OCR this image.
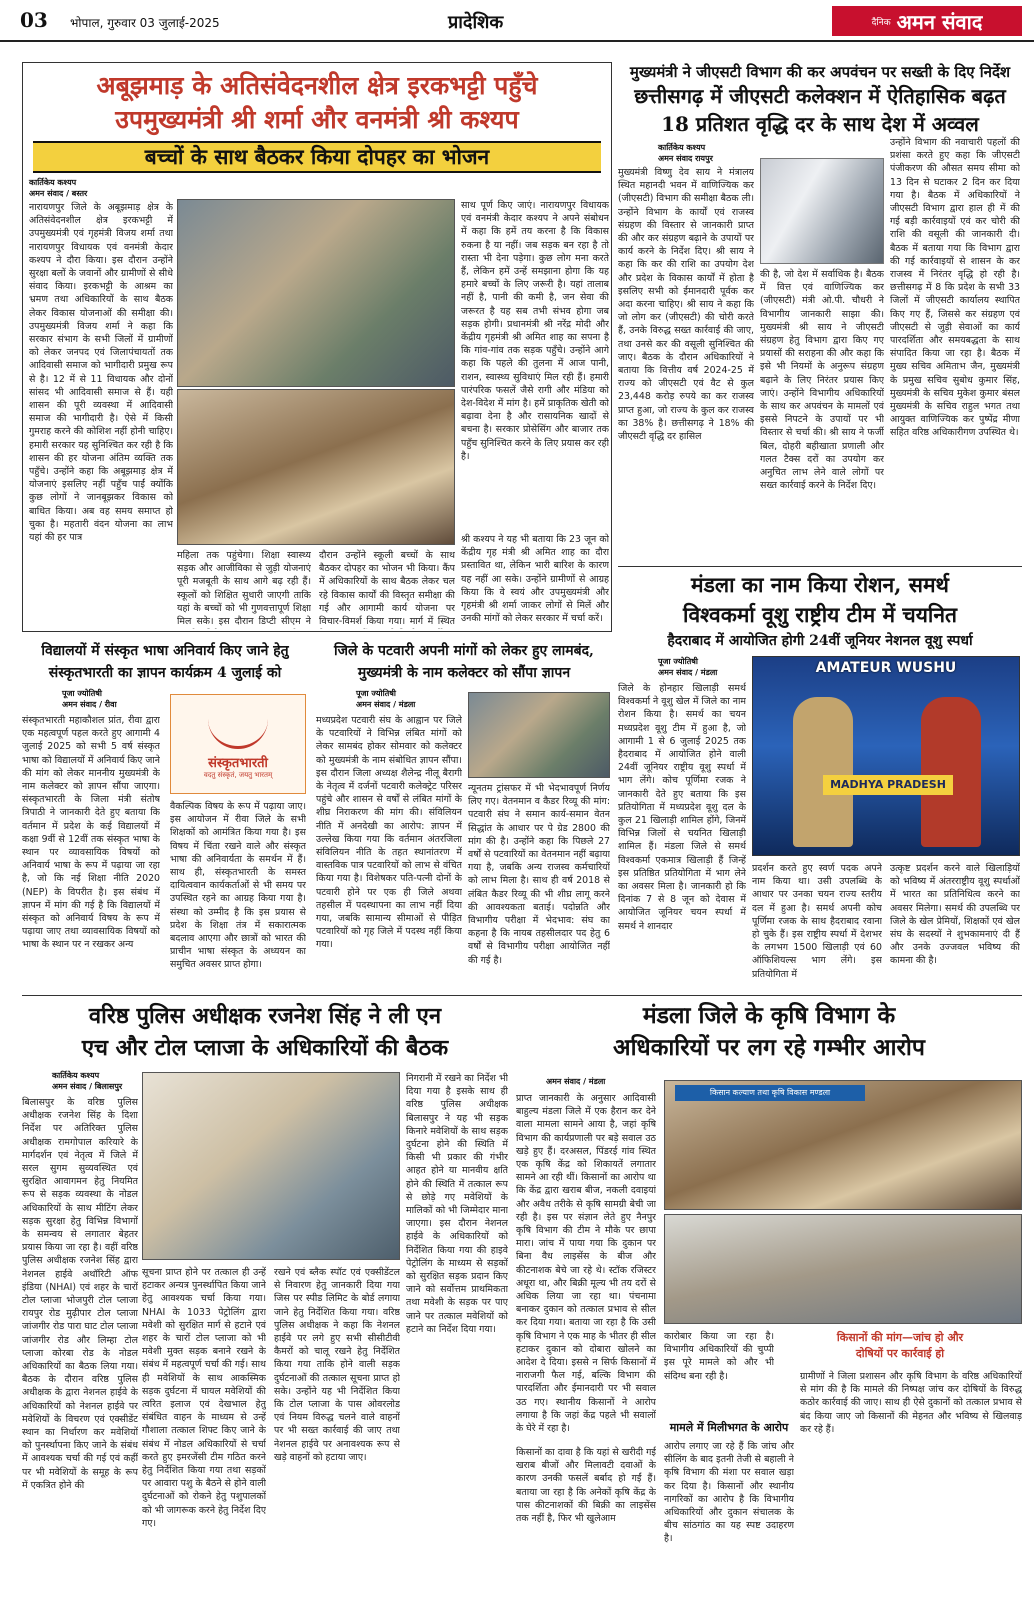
03 भोपाल, गुरुवार 03 जुलाई-2025	प्रादेशिक	दैनिक अमन संवाद
अबूझमाड़ के अतिसंवेदनशील क्षेत्र इरकभट्टी पहुँचे
उपमुख्यमंत्री श्री शर्मा और वनमंत्री श्री कश्यप
बच्चों के साथ बैठकर किया दोपहर का भोजन
कार्तिकेय कश्यप
अमन संवाद / बस्तर
नारायणपुर जिले के अबूझमाड़ क्षेत्र के अतिसंवेदनशील क्षेत्र इरकभट्टी में उपमुख्यमंत्री एवं गृहमंत्री विजय शर्मा तथा नारायणपुर विधायक एवं वनमंत्री केदार कश्यप ने दौरा किया। इस दौरान उन्होंने सुरक्षा बलों के जवानों और ग्रामीणों से सीधे संवाद किया। इरकभट्टी के आश्रम का भ्रमण तथा अधिकारियों के साथ बैठक लेकर विकास योजनाओं की समीक्षा की। उपमुख्यमंत्री विजय शर्मा ने कहा कि सरकार संभाग के सभी जिलों में ग्रामीणों को लेकर जनपद एवं जिलापंचायतों तक आदिवासी समाज को भागीदारी प्रमुख रूप से है। 12 में से 11 विधायक और दोनों सांसद भी आदिवासी समाज से हैं। यही शासन की पूरी व्यवस्था में आदिवासी समाज की भागीदारी है। ऐसे में किसी गुमराह करने की कोशिश नहीं होनी चाहिए। हमारी सरकार यह सुनिश्चित कर रही है कि शासन की हर योजना अंतिम व्यक्ति तक पहुँचे। उन्होंने कहा कि अबूझमाड़ क्षेत्र में योजनाएं इसलिए नहीं पहुँच पाईं क्योंकि कुछ लोगों ने जानबूझकर विकास को बाधित किया। अब वह समय समाप्त हो चुका है। महतारी वंदन योजना का लाभ यहां की हर पात्र
महिला तक पहुंचेगा। शिक्षा स्वास्थ्य सड़क और आजीविका से जुड़ी योजनाएं पूरी मजबूती के साथ आगे बढ़ रही हैं। स्कूलों को शिक्षित सुधारी जाएगी ताकि यहां के बच्चों को भी गुणवत्तापूर्ण शिक्षा मिल सके। इस दौरान डिप्टी सीएम ने
दौरान उन्होंने स्कूली बच्चों के साथ बैठकर दोपहर का भोजन भी किया। कैंप में अधिकारियों के साथ बैठक लेकर चल रहे विकास कार्यों की विस्तृत समीक्षा की गई और आगामी कार्य योजना पर विचार-विमर्श किया गया। मार्ग में स्थित
साथ पूर्ण किए जाएं। नारायणपुर विधायक एवं वनमंत्री केदार कश्यप ने अपने संबोधन में कहा कि हमें तय करना है कि विकास रुकना है या नहीं। जब सड़क बन रहा है तो रास्ता भी देना पड़ेगा। कुछ लोग मना करते हैं, लेकिन हमें उन्हें समझाना होगा कि यह हमारे बच्चों के लिए जरूरी है। यहां तालाब नहीं है, पानी की कमी है, जन सेवा की जरूरत है यह सब तभी संभव होगा जब सड़क होगी। प्रधानमंत्री श्री नरेंद्र मोदी और केंद्रीय गृहमंत्री श्री अमित शाह का सपना है कि गांव-गांव तक सड़क पहुँचे। उन्होंने आगे कहा कि पहले की तुलना में आज पानी, राशन, स्वास्थ्य सुविधाएं मिल रही हैं। हमारी पारंपरिक फसलें जैसे रागी और मंडिया को देश-विदेश में मांग है। हमें प्राकृतिक खेती को बढ़ावा देना है और रासायनिक खादों से बचना है। सरकार प्रोसेसिंग और बाजार तक पहुँच सुनिश्चित करने के लिए प्रयास कर रही है।
श्री कश्यप ने यह भी बताया कि 23 जून को केंद्रीय गृह मंत्री श्री अमित शाह का दौरा प्रस्तावित था, लेकिन भारी बारिश के कारण यह नहीं आ सके। उन्होंने ग्रामीणों से आग्रह किया कि वे स्वयं और उपमुख्यमंत्री और गृहमंत्री श्री शर्मा जाकर लोगों से मिलें और उनकी मांगों को लेकर सरकार में चर्चा करें।
मुख्यमंत्री ने जीएसटी विभाग की कर अपवंचन पर सख्ती के दिए निर्देश
छत्तीसगढ़ में जीएसटी कलेक्शन में ऐतिहासिक बढ़त
18 प्रतिशत वृद्धि दर के साथ देश में अव्वल
कार्तिकेय कश्यप
अमन संवाद रायपुर
मुख्यमंत्री विष्णु देव साय ने मंत्रालय स्थित महानदी भवन में वाणिज्यिक कर (जीएसटी) विभाग की समीक्षा बैठक ली। उन्होंने विभाग के कार्यों एवं राजस्व संग्रहण की विस्तार से जानकारी प्राप्त की और कर संग्रहण बढ़ाने के उपायों पर कार्य करने के निर्देश दिए। श्री साय ने कहा कि कर की राशि का उपयोग देश और प्रदेश के विकास कार्यों में होता है इसलिए सभी को ईमानदारी पूर्वक कर अदा करना चाहिए। श्री साय ने कहा कि जो लोग कर (जीएसटी) की चोरी करते हैं, उनके विरुद्ध सख्त कार्रवाई की जाए, तथा उनसे कर की वसूली सुनिश्चित की जाए। बैठक के दौरान अधिकारियों ने बताया कि वित्तीय वर्ष 2024-25 में राज्य को जीएसटी एवं वैट से कुल 23,448 करोड़ रुपये का कर राजस्व प्राप्त हुआ, जो राज्य के कुल कर राजस्व का 38% है। छत्तीसगढ़ ने 18% की जीएसटी वृद्धि दर हासिल
की है, जो देश में सर्वाधिक है। बैठक में वित्त एवं वाणिज्यिक कर (जीएसटी) मंत्री ओ.पी. चौधरी ने विभागीय जानकारी साझा की। मुख्यमंत्री श्री साय ने जीएसटी संग्रहण हेतु विभाग द्वारा किए गए प्रयासों की सराहना की और कहा कि इसे भी नियमों के अनुरूप संग्रहण बढ़ाने के लिए निरंतर प्रयास किए जाएं। उन्होंने विभागीय अधिकारियों के साथ कर अपवंचन के मामलों एवं इससे निपटने के उपायों पर भी विस्तार से चर्चा की। श्री साय ने फर्जी बिल, दोहरी बहीखाता प्रणाली और गलत टैक्स दरों का उपयोग कर अनुचित लाभ लेने वाले लोगों पर सख्त कार्रवाई करने के निर्देश दिए।
उन्होंने विभाग की नवाचारी पहलों की प्रशंसा करते हुए कहा कि जीएसटी पंजीकरण की औसत समय सीमा को 13 दिन से घटाकर 2 दिन कर दिया गया है। बैठक में अधिकारियों ने जीएसटी विभाग द्वारा हाल ही में की गई बड़ी कार्रवाइयों एवं कर चोरी की राशि की वसूली की जानकारी दी। बैठक में बताया गया कि विभाग द्वारा की गई कार्रवाइयों से शासन के कर राजस्व में निरंतर वृद्धि हो रही है। छत्तीसगढ़ में 8 कि प्रदेश के सभी 33 जिलों में जीएसटी कार्यालय स्थापित किए गए हैं, जिससे कर संग्रहण एवं जीएसटी से जुड़ी सेवाओं का कार्य पारदर्शिता और समयबद्धता के साथ संपादित किया जा रहा है। बैठक में मुख्य सचिव अमिताभ जैन, मुख्यमंत्री के प्रमुख सचिव सुबोध कुमार सिंह, मुख्यमंत्री के सचिव मुकेश कुमार बंसल मुख्यमंत्री के सचिव राहुल भगत तथा आयुक्त वाणिज्यिक कर पुष्पेंद्र मीणा सहित वरिष्ठ अधिकारीगण उपस्थित थे।
मंडला का नाम किया रोशन, समर्थ
विश्वकर्मा वूशु राष्ट्रीय टीम में चयनित
हैदराबाद में आयोजित होगी 24वीं जूनियर नेशनल वूशु स्पर्धा
पूजा ज्योतिषी
अमन संवाद / मंडला
जिले के होनहार खिलाड़ी समर्थ विश्वकर्मा ने वूशु खेल में जिले का नाम रोशन किया है। समर्थ का चयन मध्यप्रदेश वूशु टीम में हुआ है, जो आगामी 1 से 6 जुलाई 2025 तक हैदराबाद में आयोजित होने वाली 24वीं जूनियर राष्ट्रीय वूशु स्पर्धा में भाग लेंगे। कोच पूर्णिमा रजक ने जानकारी देते हुए बताया कि इस प्रतियोगिता में मध्यप्रदेश वूशु दल के कुल 21 खिलाड़ी शामिल होंगे, जिनमें विभिन्न जिलों से चयनित खिलाड़ी शामिल हैं। मंडला जिले से समर्थ विश्वकर्मा एकमात्र खिलाड़ी हैं जिन्हें इस प्रतिष्ठित प्रतियोगिता में भाग लेने का अवसर मिला है। जानकारी हो कि दिनांक 7 से 8 जून को देवास में आयोजित जूनियर चयन स्पर्धा में समर्थ ने शानदार
AMATEUR WUSHU
MADHYA PRADESH
प्रदर्शन करते हुए स्वर्ण पदक अपने नाम किया था। उसी उपलब्धि के आधार पर उनका चयन राज्य स्तरीय दल में हुआ है। समर्थ अपनी कोच पूर्णिमा रजक के साथ हैदराबाद रवाना हो चुके हैं। इस राष्ट्रीय स्पर्धा में देशभर के लगभग 1500 खिलाड़ी एवं 60 ऑफिशियल्स भाग लेंगे। इस प्रतियोगिता में
उत्कृष्ट प्रदर्शन करने वाले खिलाड़ियों को भविष्य में अंतरराष्ट्रीय वूशु स्पर्धाओं में भारत का प्रतिनिधित्व करने का अवसर मिलेगा। समर्थ की उपलब्धि पर जिले के खेल प्रेमियों, शिक्षकों एवं खेल संघ के सदस्यों ने शुभकामनाएं दी हैं और उनके उज्जवल भविष्य की कामना की है।
विद्यालयों में संस्कृत भाषा अनिवार्य किए जाने हेतु
संस्कृतभारती का ज्ञापन कार्यक्रम 4 जुलाई को
पूजा ज्योतिषी
अमन संवाद / रीवा
संस्कृतभारती महाकौशल प्रांत, रीवा द्वारा एक महत्वपूर्ण पहल करते हुए आगामी 4 जुलाई 2025 को सभी 5 वर्ष संस्कृत भाषा को विद्यालयों में अनिवार्य किए जाने की मांग को लेकर माननीय मुख्यमंत्री के नाम कलेक्टर को ज्ञापन सौंपा जाएगा। संस्कृतभारती के जिला मंत्री संतोष त्रिपाठी ने जानकारी देते हुए बताया कि वर्तमान में प्रदेश के कई विद्यालयों में कक्षा 9वीं से 12वीं तक संस्कृत भाषा के स्थान पर व्यावसायिक विषयों को अनिवार्य भाषा के रूप में पढ़ाया जा रहा है, जो कि नई शिक्षा नीति 2020 (NEP) के विपरीत है। इस संबंध में ज्ञापन में मांग की गई है कि विद्यालयों में संस्कृत को अनिवार्य विषय के रूप में पढ़ाया जाए तथा व्यावसायिक विषयों को भाषा के स्थान पर न रखकर अन्य
संस्कृतभारती
वदतु संस्कृतं, जयतु भारतम्
वैकल्पिक विषय के रूप में पढ़ाया जाए। इस आयोजन में रीवा जिले के सभी शिक्षकों को आमंत्रित किया गया है। इस विषय में चिंता रखने वाले और संस्कृत भाषा की अनिवार्यता के समर्थन में हैं। साथ ही, संस्कृतभारती के समस्त दायित्ववान कार्यकर्ताओं से भी समय पर उपस्थित रहने का आग्रह किया गया है। संस्था को उम्मीद है कि इस प्रयास से प्रदेश के शिक्षा तंत्र में सकारात्मक बदलाव आएगा और छात्रों को भारत की प्राचीन भाषा संस्कृत के अध्ययन का समुचित अवसर प्राप्त होगा।
जिले के पटवारी अपनी मांगों को लेकर हुए लामबंद,
मुख्यमंत्री के नाम कलेक्टर को सौंपा ज्ञापन
पूजा ज्योतिषी
अमन संवाद / मंडला
मध्यप्रदेश पटवारी संघ के आह्वान पर जिले के पटवारियों ने विभिन्न लंबित मांगों को लेकर सामबंद होकर सोमवार को कलेक्टर को मुख्यमंत्री के नाम संबोधित ज्ञापन सौंपा। इस दौरान जिला अध्यक्ष शैलेन्द्र नीलू बैरागी के नेतृत्व में दर्जनों पटवारी कलेक्ट्रेट परिसर पहुंचे और शासन से वर्षों से लंबित मांगों के शीघ्र निराकरण की मांग की। संविलियन नीति में अनदेखी का आरोप: ज्ञापन में उल्लेख किया गया कि वर्तमान अंतरजिला संविलियन नीति के तहत स्थानांतरण में वास्तविक पात्र पटवारियों को लाभ से वंचित किया गया है। विशेषकर पति-पत्नी दोनों के पटवारी होने पर एक ही जिले अथवा तहसील में पदस्थापना का लाभ नहीं दिया गया, जबकि सामान्य सीमाओं से पीड़ित पटवारियों को गृह जिले में पदस्थ नहीं किया गया।
न्यूनतम ट्रांसफर में भी भेदभावपूर्ण निर्णय लिए गए। वेतनमान व कैडर रिव्यू की मांग: पटवारी संघ ने समान कार्य-समान वेतन सिद्धांत के आधार पर पे ग्रेड 2800 की मांग की है। उन्होंने कहा कि पिछले 27 वर्षों से पटवारियों का वेतनमान नहीं बढ़ाया गया है, जबकि अन्य राजस्व कर्मचारियों को लाभ मिला है। साथ ही वर्ष 2018 से लंबित कैडर रिव्यू की भी शीघ्र लागू करने की आवश्यकता बताई। पदोन्नति और विभागीय परीक्षा में भेदभाव: संघ का कहना है कि नायब तहसीलदार पद हेतु 6 वर्षों से विभागीय परीक्षा आयोजित नहीं की गई है।
वरिष्ठ पुलिस अधीक्षक रजनेश सिंह ने ली एन
एच और टोल प्लाजा के अधिकारियों की बैठक
कार्तिकेय कश्यप
अमन संवाद / बिलासपुर
बिलासपुर के वरिष्ठ पुलिस अधीक्षक रजनेश सिंह के दिशा निर्देश पर अतिरिक्त पुलिस अधीक्षक रामगोपाल करियारे के मार्गदर्शन एवं नेतृत्व में जिले में सरल सुगम सुव्यवस्थित एवं सुरक्षित आवागमन हेतु नियमित रूप से सड़क व्यवस्था के नोडल अधिकारियों के साथ मीटिंग लेकर सड़क सुरक्षा हेतु विभिन्न विभागों के समन्वय से लगातार बेहतर प्रयास किया जा रहा है। वहीं वरिष्ठ पुलिस अधीक्षक रजनेश सिंह द्वारा नेशनल हाईवे अथॉरिटी ऑफ इंडिया (NHAI) एवं शहर के चारों टोल प्लाजा भोजपुरी टोल प्लाजा रायपुर रोड मुढ़ीपार टोल प्लाजा जांजगीर रोड पारा घाट टोल प्लाजा जांजगीर रोड और लिम्हा टोल प्लाजा कोरबा रोड के नोडल अधिकारियों का बैठक लिया गया। बैठक के दौरान वरिष्ठ पुलिस अधीक्षक के द्वारा नेशनल हाईवे के अधिकारियों को नेशनल हाईवे पर मवेशियों के विचरण एवं एक्सीडेंट स्थान का निर्धारण कर मवेशियों को पुनर्स्थापना किए जाने के संबंध में आवश्यक चर्चा की गई एवं कहीं पर भी मवेशियों के समूह के रूप में एकत्रित होने की
सूचना प्राप्त होने पर तत्काल ही उन्हें हटाकर अन्यत्र पुनर्स्थापित किया जाने हेतु आवश्यक चर्चा किया गया। NHAI के 1033 पेट्रोलिंग द्वारा मवेशी को सुरक्षित मार्ग से हटाने एवं शहर के चारों टोल प्लाजा को भी मवेशी मुक्त सड़क बनाने रखने के संबंध में महत्वपूर्ण चर्चा की गई। साथ ही मवेशियों के साथ आकस्मिक सड़क दुर्घटना में घायल मवेशियों की त्वरित इलाज एवं देखभाल हेतु संबंधित वाहन के माध्यम से उन्हें गौशाला तत्काल शिफ्ट किए जाने के संबंध में नोडल अधिकारियों से चर्चा करते हुए इमरजेंसी टीम गठित करने हेतु निर्देशित किया गया तथा सड़कों पर आवारा पशु के बैठने से होने वाली दुर्घटनाओं को रोकने हेतु पशुपालकों को भी जागरूक करने हेतु निर्देश दिए गए।
रखने एवं ब्लैक स्पॉट एवं एक्सीडेंटल से निवारण हेतु जानकारी दिया गया जिस पर स्पीड लिमिट के बोर्ड लगाया जाने हेतु निर्देशित किया गया। वरिष्ठ पुलिस अधीक्षक ने कहा कि नेशनल हाईवे पर लगे हुए सभी सीसीटीवी कैमरों को चालू रखने हेतु निर्देशित किया गया ताकि होने वाली सड़क दुर्घटनाओं की तत्काल सूचना प्राप्त हो सके। उन्होंने यह भी निर्देशित किया कि टोल प्लाजा के पास ओवरलोड एवं नियम विरुद्ध चलने वाले वाहनों पर भी सख्त कार्रवाई की जाए तथा नेशनल हाईवे पर अनावश्यक रूप से खड़े वाहनों को हटाया जाए।
निगरानी में रखने का निर्देश भी दिया गया है इसके साथ ही वरिष्ठ पुलिस अधीक्षक बिलासपुर ने यह भी सड़क किनारे मवेशियों के साथ सड़क दुर्घटना होने की स्थिति में किसी भी प्रकार की गंभीर आहत होने या मानवीय क्षति होने की स्थिति में तत्काल रूप से छोड़े गए मवेशियों के मालिकों को भी जिम्मेदार माना जाएगा। इस दौरान नेशनल हाईवे के अधिकारियों को निर्देशित किया गया की हाइवे पेट्रोलिंग के माध्यम से सड़कों को सुरक्षित सड़क प्रदान किए जाने को सर्वोत्तम प्राथमिकता तथा मवेशी के सड़क पर पाए जाने पर तत्काल मवेशियों को हटाने का निर्देश दिया गया।
मंडला जिले के कृषि विभाग के
अधिकारियों पर लग रहे गम्भीर आरोप
अमन संवाद / मंडला
प्राप्त जानकारी के अनुसार आदिवासी बाहुल्य मंडला जिले में एक हैरान कर देने वाला मामला सामने आया है, जहां कृषि विभाग की कार्यप्रणाली पर बड़े सवाल उठ खड़े हुए हैं। दरअसल, पिंडरई गांव स्थित एक कृषि केंद्र को शिकायतें लगातार सामने आ रही थीं। किसानों का आरोप था कि केंद्र द्वारा खराब बीज, नकली दवाइयां और अवैध तरीके से कृषि सामग्री बेची जा रही है। इस पर संज्ञान लेते हुए नैनपुर कृषि विभाग की टीम ने मौके पर छापा मारा। जांच में पाया गया कि दुकान पर बिना वैध लाइसेंस के बीज और कीटनाशक बेचे जा रहे थे। स्टॉक रजिस्टर अधूरा था, और बिक्री मूल्य भी तय दरों से अधिक लिया जा रहा था। पंचनामा बनाकर दुकान को तत्काल प्रभाव से सील कर दिया गया। बताया जा रहा है कि उसी कृषि विभाग ने एक माह के भीतर ही सील हटाकर दुकान को दोबारा खोलने का आदेश दे दिया। इससे न सिर्फ किसानों में नाराजगी फैल गई, बल्कि विभाग की पारदर्शिता और ईमानदारी पर भी सवाल उठ गए। स्थानीय किसानों ने आरोप लगाया है कि जहां केंद्र पहले भी सवालों के घेरे में रहा है।
किसान कल्याण तथा कृषि विकास मण्डला
कारोबार किया जा रहा है। विभागीय अधिकारियों की चुप्पी इस पूरे मामले को और भी संदिग्ध बना रही है।
किसानों की मांग—जांच हो और
दोषियों पर कार्रवाई हो
किसानों का दावा है कि यहां से खरीदी गई खराब बीजों और मिलावटी दवाओं के कारण उनकी फसलें बर्बाद हो गईं हैं। बताया जा रहा है कि अनेकों कृषि केंद्र के पास कीटनाशकों की बिक्री का लाइसेंस तक नहीं है, फिर भी खुलेआम
मामले में मिलीभगत के आरोप
आरोप लगाए जा रहे हैं कि जांच और सीलिंग के बाद इतनी तेजी से बहाली ने कृषि विभाग की मंशा पर सवाल खड़ा कर दिया है। किसानों और स्थानीय नागरिकों का आरोप है कि विभागीय अधिकारियों और दुकान संचालक के बीच सांठगांठ का यह स्पष्ट उदाहरण है।
ग्रामीणों ने जिला प्रशासन और कृषि विभाग के वरिष्ठ अधिकारियों से मांग की है कि मामले की निष्पक्ष जांच कर दोषियों के विरुद्ध कठोर कार्रवाई की जाए। साथ ही ऐसे दुकानों को तत्काल प्रभाव से बंद किया जाए जो किसानों की मेहनत और भविष्य से खिलवाड़ कर रहे हैं।
